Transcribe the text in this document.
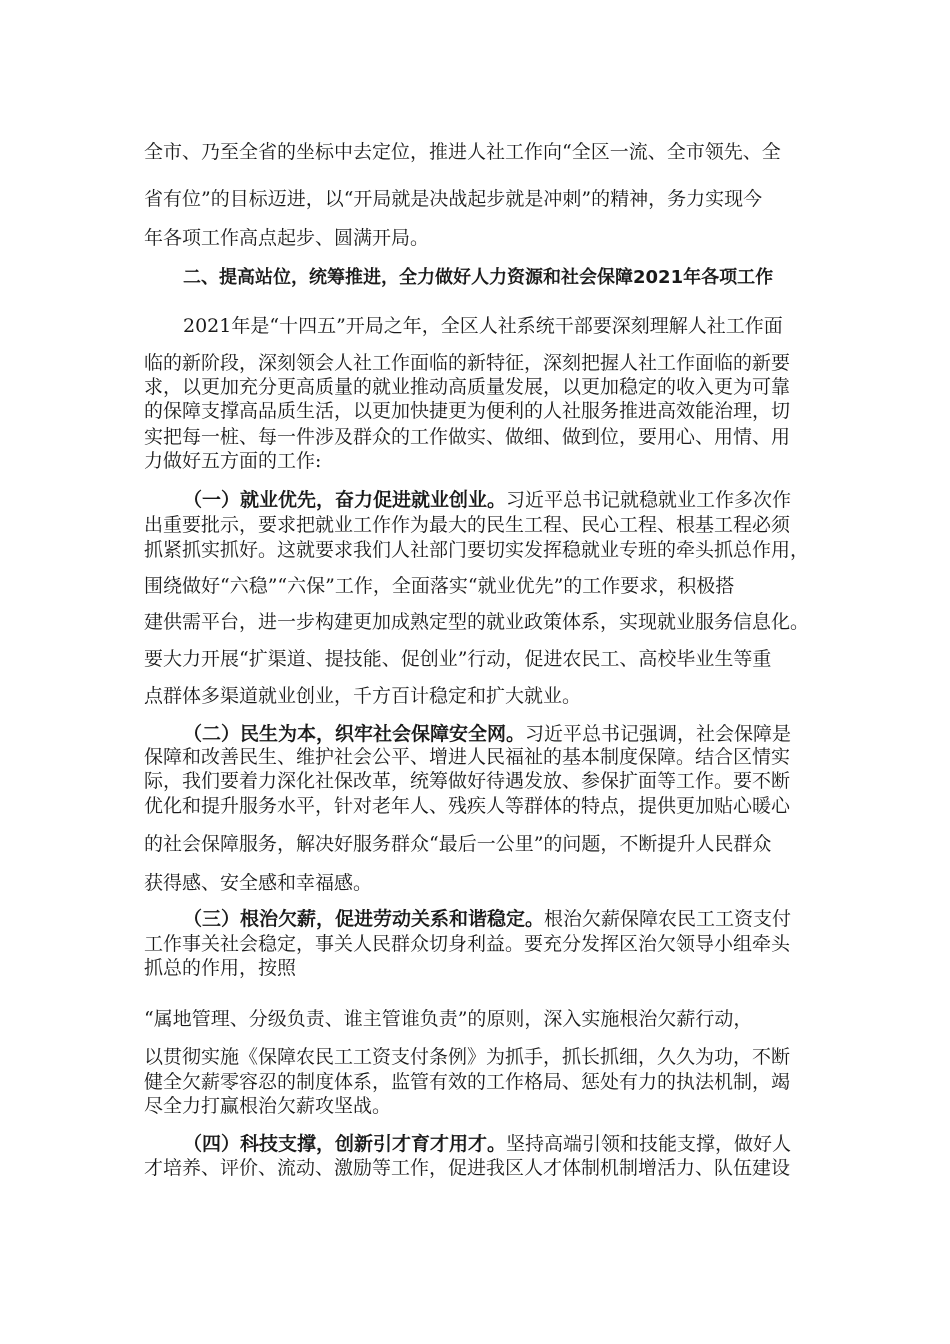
全市、乃至全省的坐标中去定位，推进人社工作向“全区一流、全市领先、全
省有位”的目标迈进，以“开局就是决战起步就是冲刺”的精神，务力实现今
年各项工作高点起步、圆满开局。
二、提高站位，统筹推进，全力做好人力资源和社会保障2021年各项工作
2021年是“十四五”开局之年，全区人社系统干部要深刻理解人社工作面
临的新阶段，深刻领会人社工作面临的新特征，深刻把握人社工作面临的新要
求，以更加充分更高质量的就业推动高质量发展，以更加稳定的收入更为可靠
的保障支撑高品质生活，以更加快捷更为便利的人社服务推进高效能治理，切
实把每一桩、每一件涉及群众的工作做实、做细、做到位，要用心、用情、用
力做好五方面的工作:
（一）就业优先，奋力促进就业创业。习近平总书记就稳就业工作多次作
出重要批示，要求把就业工作作为最大的民生工程、民心工程、根基工程必须
抓紧抓实抓好。这就要求我们人社部门要切实发挥稳就业专班的牵头抓总作用，
围绕做好“六稳”“六保”工作，全面落实“就业优先”的工作要求，积极搭
建供需平台，进一步构建更加成熟定型的就业政策体系，实现就业服务信息化。
要大力开展“扩渠道、提技能、促创业”行动，促进农民工、高校毕业生等重
点群体多渠道就业创业，千方百计稳定和扩大就业。
（二）民生为本，织牢社会保障安全网。习近平总书记强调，社会保障是
保障和改善民生、维护社会公平、增进人民福祉的基本制度保障。结合区情实
际，我们要着力深化社保改革，统筹做好待遇发放、参保扩面等工作。要不断
优化和提升服务水平，针对老年人、残疾人等群体的特点，提供更加贴心暖心
的社会保障服务，解决好服务群众“最后一公里”的问题，不断提升人民群众
获得感、安全感和幸福感。
（三）根治欠薪，促进劳动关系和谐稳定。根治欠薪保障农民工工资支付
工作事关社会稳定，事关人民群众切身利益。要充分发挥区治欠领导小组牵头
抓总的作用，按照
“属地管理、分级负责、谁主管谁负责”的原则，深入实施根治欠薪行动，
以贯彻实施《保障农民工工资支付条例》为抓手，抓长抓细，久久为功，不断
健全欠薪零容忍的制度体系，监管有效的工作格局、惩处有力的执法机制，竭
尽全力打赢根治欠薪攻坚战。
（四）科技支撑，创新引才育才用才。坚持高端引领和技能支撑，做好人
才培养、评价、流动、激励等工作，促进我区人才体制机制增活力、队伍建设
